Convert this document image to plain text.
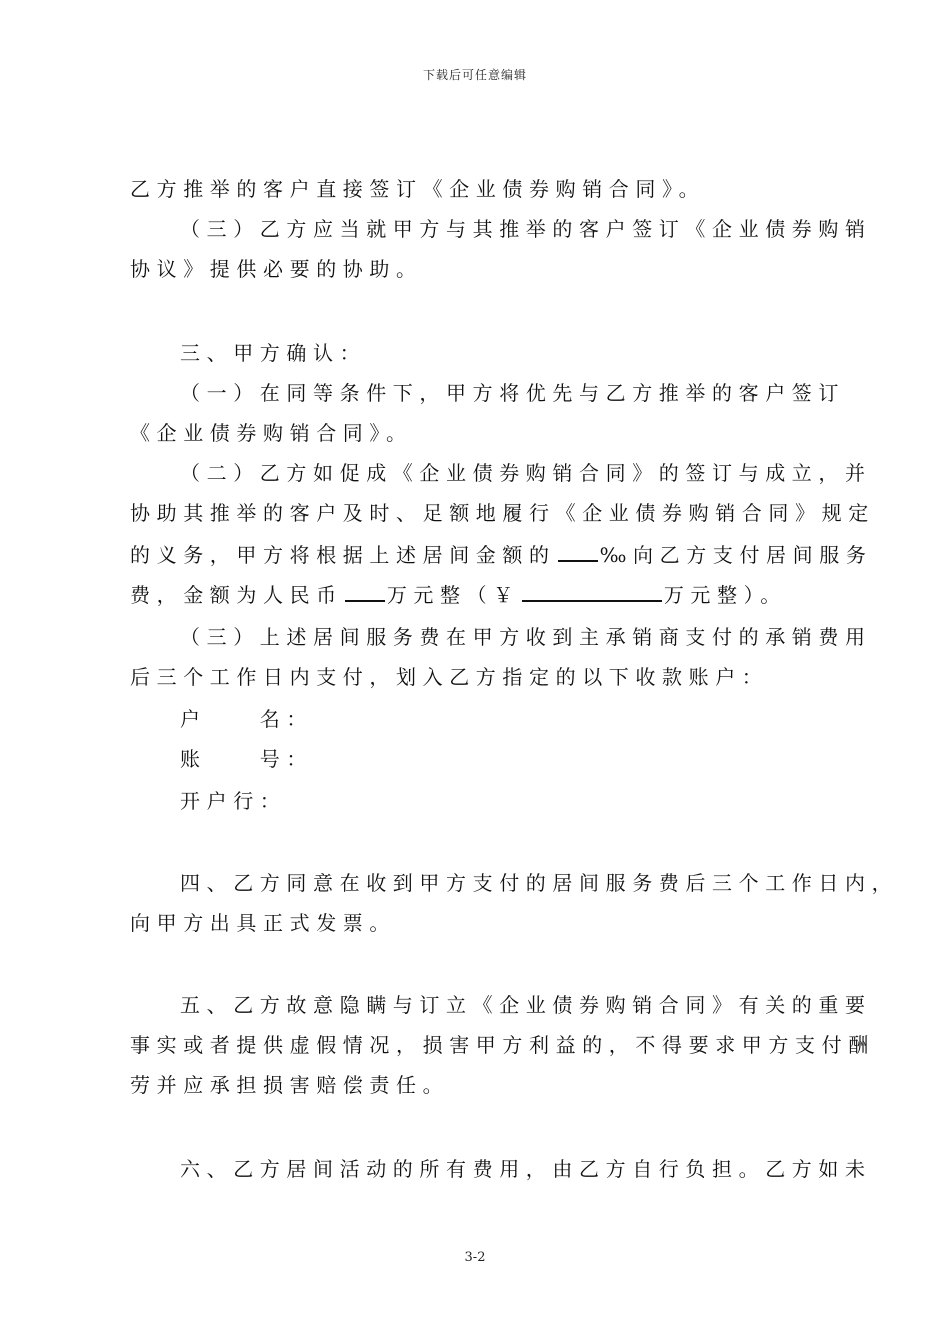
下载后可任意编辑
乙方推举的客户直接签订《企业债券购销合同》。
（三）乙方应当就甲方与其推举的客户签订《企业债券购销
协议》提供必要的协助。
三、甲方确认：
（一）在同等条件下，甲方将优先与乙方推举的客户签订
《企业债券购销合同》。
（二）乙方如促成《企业债券购销合同》的签订与成立，并
协助其推举的客户及时、足额地履行《企业债券购销合同》规定
的义务，甲方将根据上述居间金额的 ‰向乙方支付居间服务
费，金额为人民币 万元整（￥	万元整）。
（三）上述居间服务费在甲方收到主承销商支付的承销费用
后三个工作日内支付，划入乙方指定的以下收款账户：
户　　名：
账　　号：
开户行：
四、乙方同意在收到甲方支付的居间服务费后三个工作日内，
向甲方出具正式发票。
五、乙方故意隐瞒与订立《企业债券购销合同》有关的重要
事实或者提供虚假情况，损害甲方利益的，不得要求甲方支付酬
劳并应承担损害赔偿责任。
六、乙方居间活动的所有费用，由乙方自行负担。乙方如未
3-2
